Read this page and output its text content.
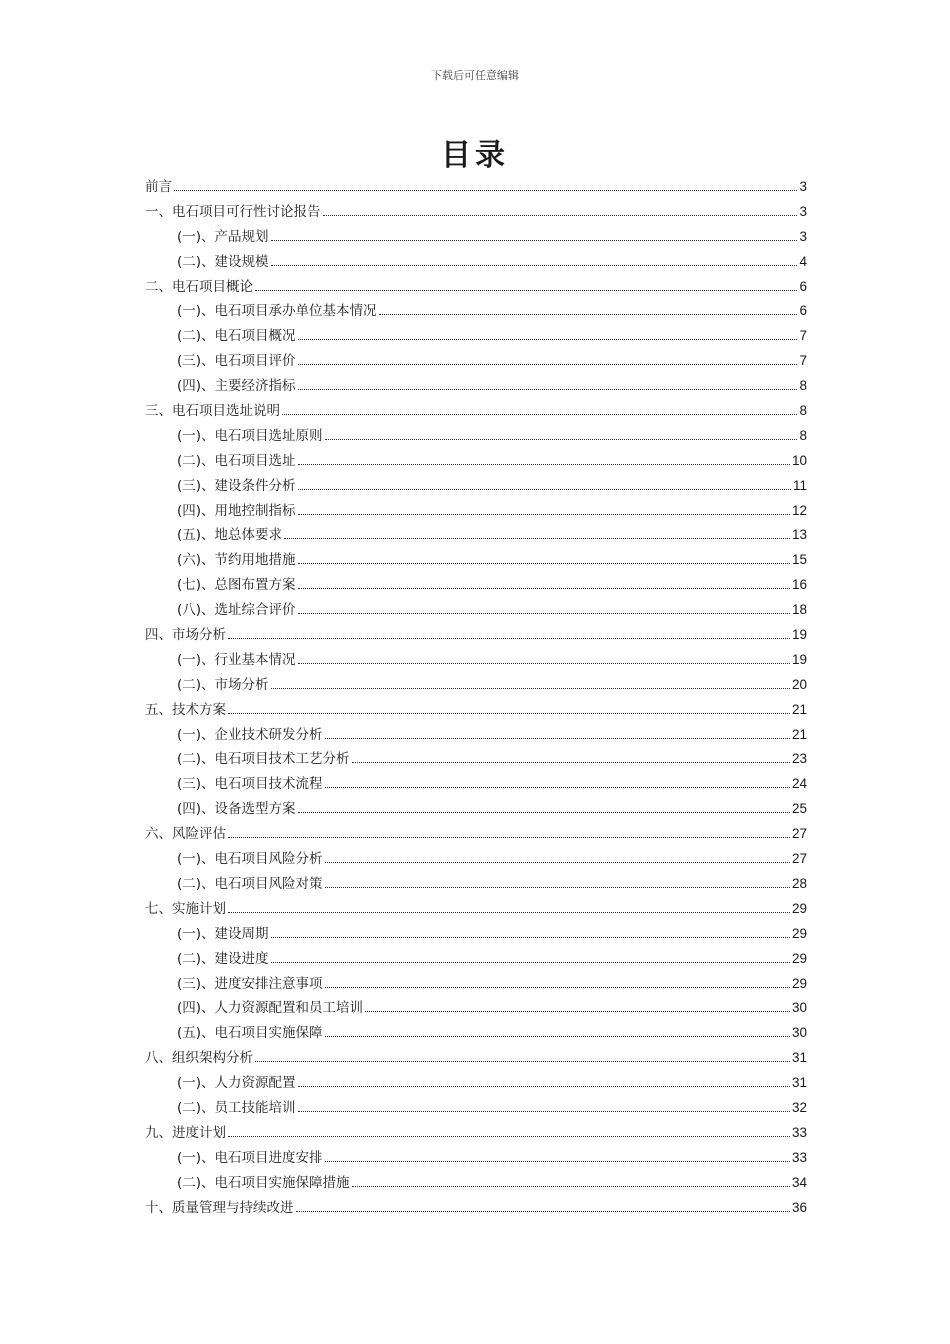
下载后可任意编辑
目录
前言	3
一、电石项目可行性讨论报告	3
(一)、产品规划	3
(二)、建设规模	4
二、电石项目概论	6
(一)、电石项目承办单位基本情况	6
(二)、电石项目概况	7
(三)、电石项目评价	7
(四)、主要经济指标	8
三、电石项目选址说明	8
(一)、电石项目选址原则	8
(二)、电石项目选址	10
(三)、建设条件分析	11
(四)、用地控制指标	12
(五)、地总体要求	13
(六)、节约用地措施	15
(七)、总图布置方案	16
(八)、选址综合评价	18
四、市场分析	19
(一)、行业基本情况	19
(二)、市场分析	20
五、技术方案	21
(一)、企业技术研发分析	21
(二)、电石项目技术工艺分析	23
(三)、电石项目技术流程	24
(四)、设备选型方案	25
六、风险评估	27
(一)、电石项目风险分析	27
(二)、电石项目风险对策	28
七、实施计划	29
(一)、建设周期	29
(二)、建设进度	29
(三)、进度安排注意事项	29
(四)、人力资源配置和员工培训	30
(五)、电石项目实施保障	30
八、组织架构分析	31
(一)、人力资源配置	31
(二)、员工技能培训	32
九、进度计划	33
(一)、电石项目进度安排	33
(二)、电石项目实施保障措施	34
十、质量管理与持续改进	36
